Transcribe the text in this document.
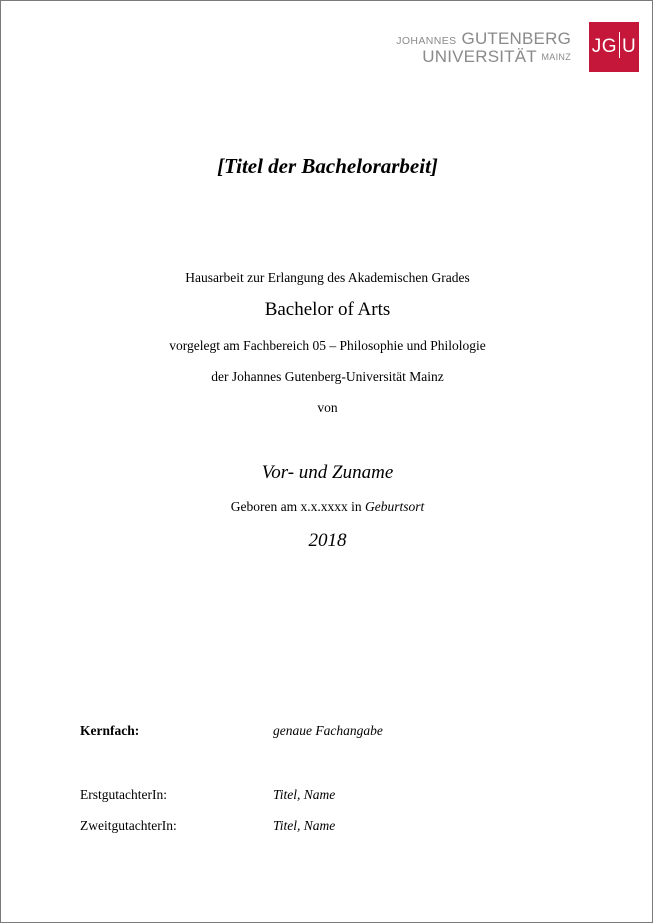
JOHANNES GUTENBERG
UNIVERSITÄT MAINZ JG U
[Titel der Bachelorarbeit]
Hausarbeit zur Erlangung des Akademischen Grades
Bachelor of Arts
vorgelegt am Fachbereich 05 – Philosophie und Philologie
der Johannes Gutenberg-Universität Mainz
von
Vor- und Zuname
Geboren am x.x.xxxx in Geburtsort
2018
Kernfach:	genaue Fachangabe
ErstgutachterIn:	Titel, Name
ZweitgutachterIn:	Titel, Name
